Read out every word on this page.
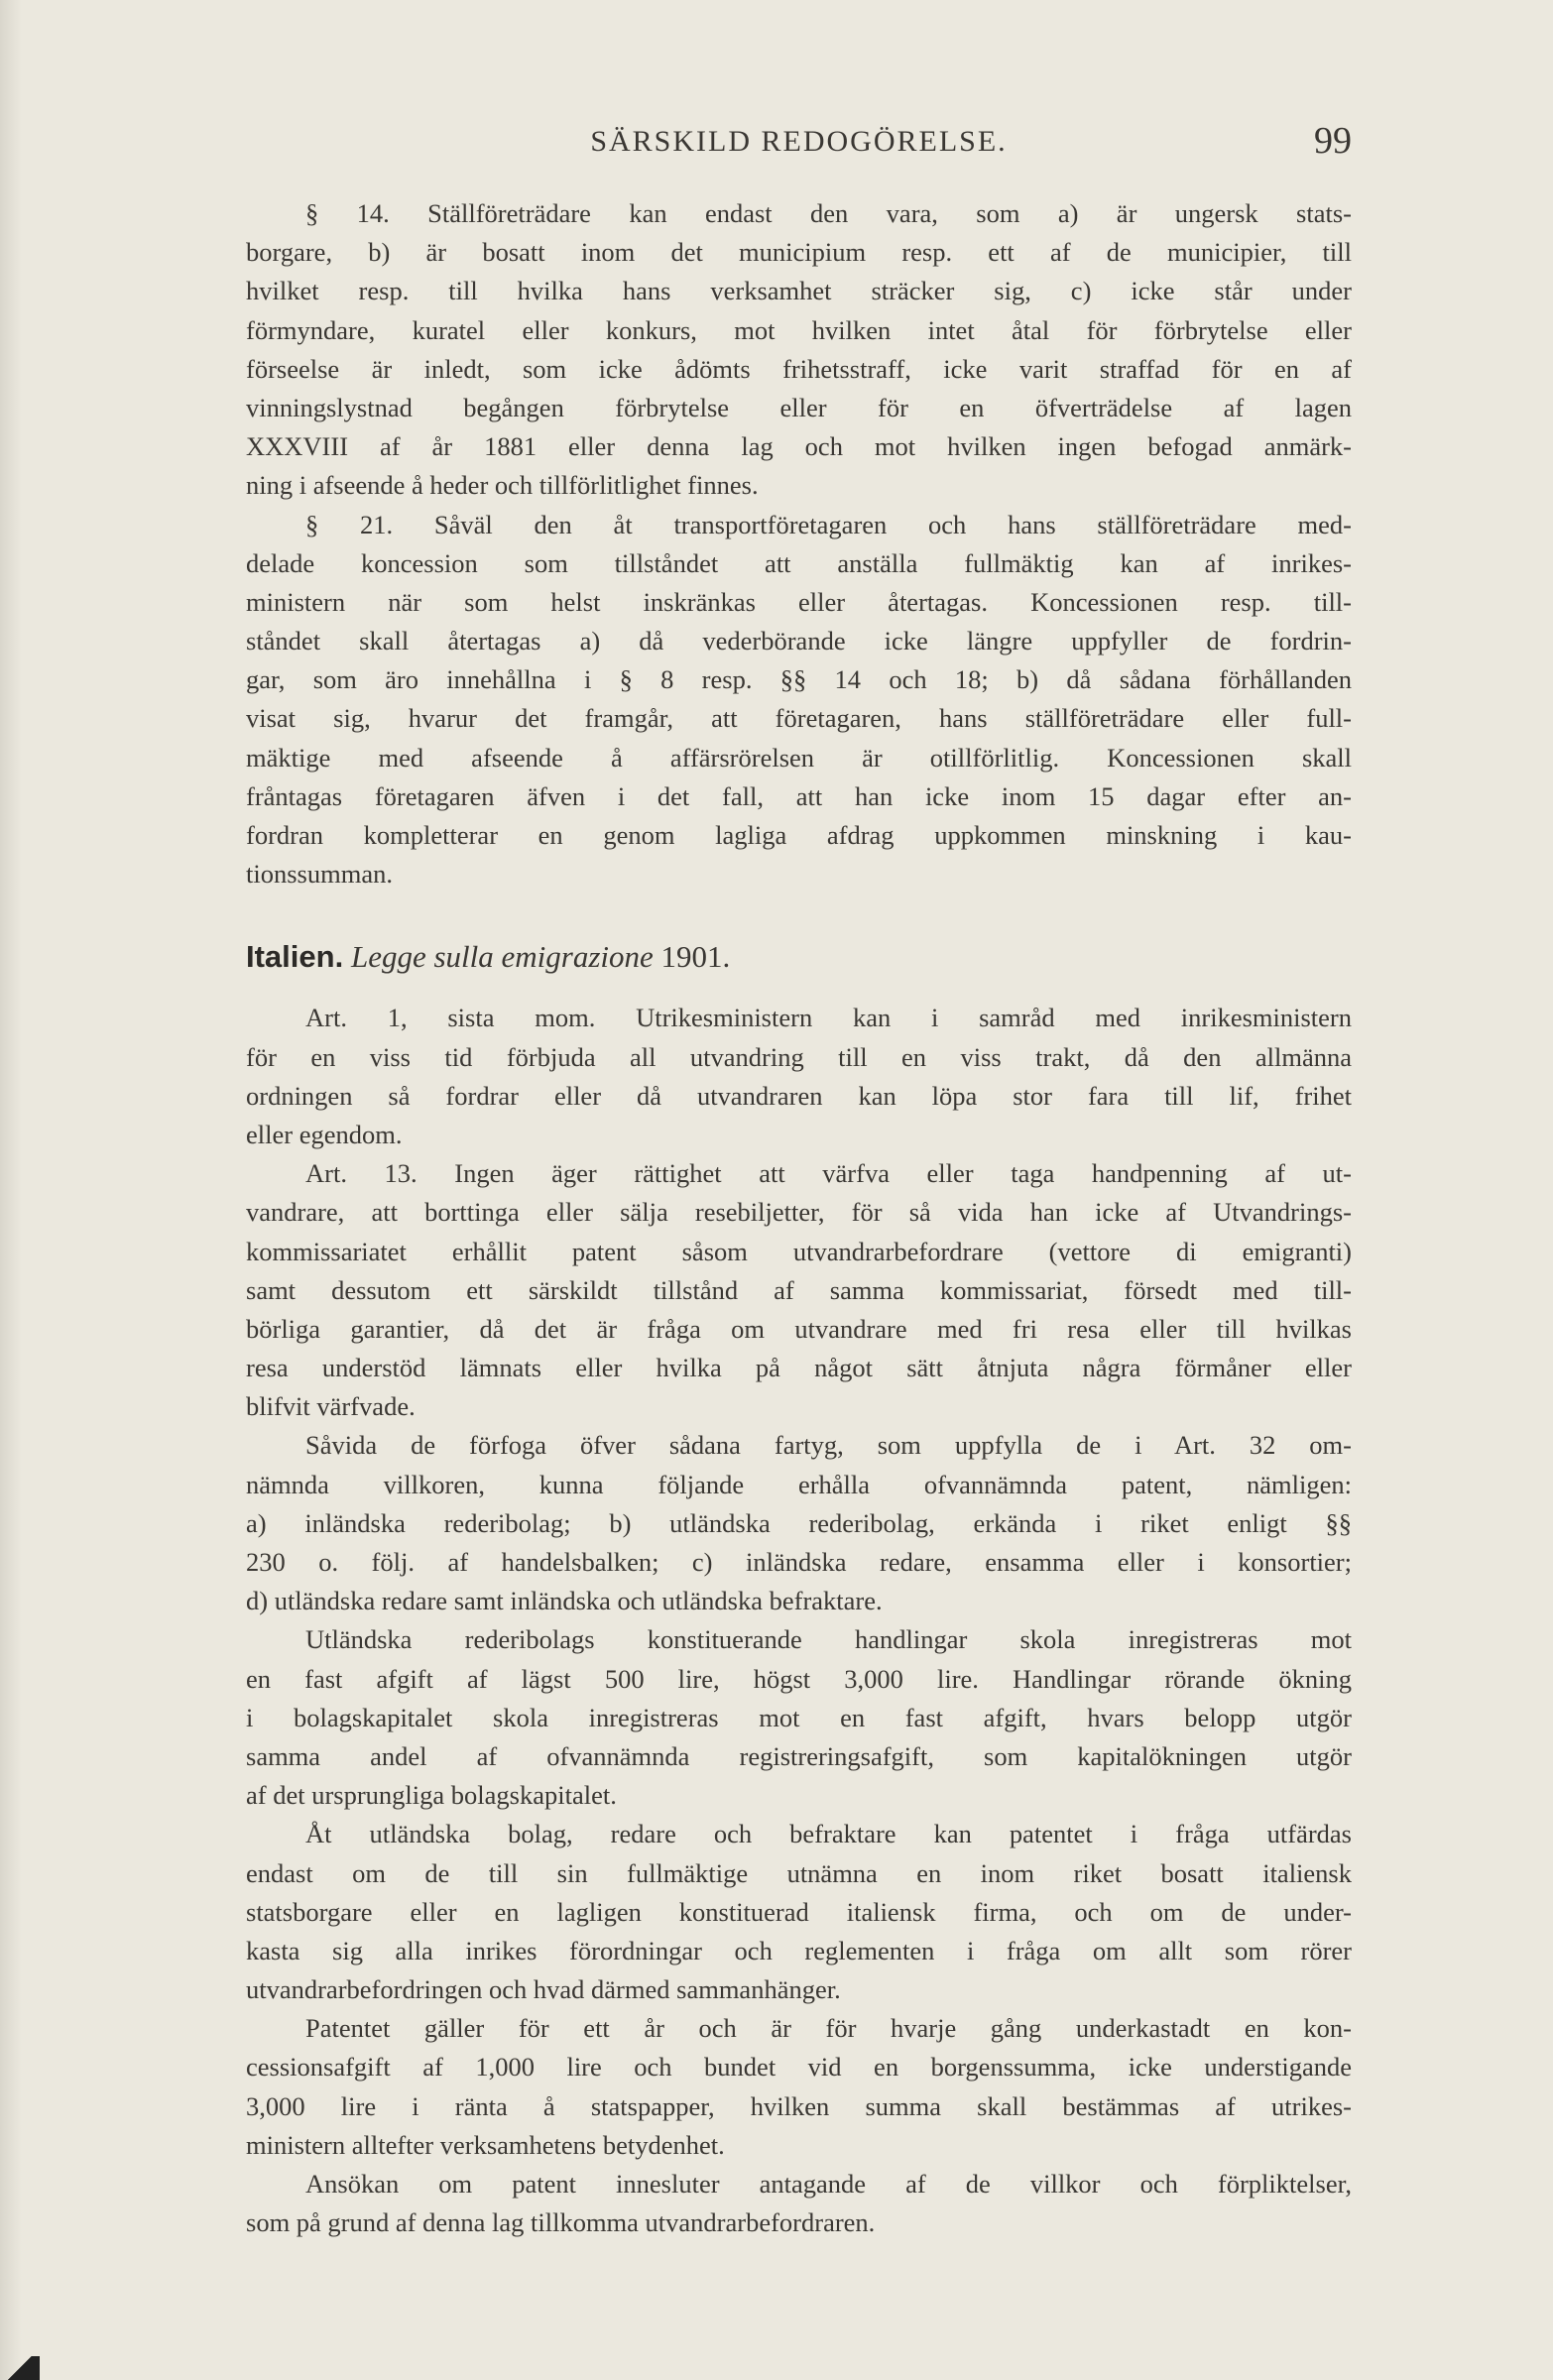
SÄRSKILD REDOGÖRELSE.	99
§ 14. Ställföreträdare kan endast den vara, som a) är ungersk stats-
borgare, b) är bosatt inom det municipium resp. ett af de municipier, till
hvilket resp. till hvilka hans verksamhet sträcker sig, c) icke står under
förmyndare, kuratel eller konkurs, mot hvilken intet åtal för förbrytelse eller
förseelse är inledt, som icke ådömts frihetsstraff, icke varit straffad för en af
vinningslystnad begången förbrytelse eller för en öfverträdelse af lagen
XXXVIII af år 1881 eller denna lag och mot hvilken ingen befogad anmärk-
ning i afseende å heder och tillförlitlighet finnes.
§ 21. Såväl den åt transportföretagaren och hans ställföreträdare med-
delade koncession som tillståndet att anställa fullmäktig kan af inrikes-
ministern när som helst inskränkas eller återtagas. Koncessionen resp. till-
ståndet skall återtagas a) då vederbörande icke längre uppfyller de fordrin-
gar, som äro innehållna i § 8 resp. §§ 14 och 18; b) då sådana förhållanden
visat sig, hvarur det framgår, att företagaren, hans ställföreträdare eller full-
mäktige med afseende å affärsrörelsen är otillförlitlig. Koncessionen skall
fråntagas företagaren äfven i det fall, att han icke inom 15 dagar efter an-
fordran kompletterar en genom lagliga afdrag uppkommen minskning i kau-
tionssumman.
Italien. Legge sulla emigrazione 1901.
Art. 1, sista mom. Utrikesministern kan i samråd med inrikesministern
för en viss tid förbjuda all utvandring till en viss trakt, då den allmänna
ordningen så fordrar eller då utvandraren kan löpa stor fara till lif, frihet
eller egendom.
Art. 13. Ingen äger rättighet att värfva eller taga handpenning af ut-
vandrare, att borttinga eller sälja resebiljetter, för så vida han icke af Utvandrings-
kommissariatet erhållit patent såsom utvandrarbefordrare (vettore di emigranti)
samt dessutom ett särskildt tillstånd af samma kommissariat, försedt med till-
börliga garantier, då det är fråga om utvandrare med fri resa eller till hvilkas
resa understöd lämnats eller hvilka på något sätt åtnjuta några förmåner eller
blifvit värfvade.
Såvida de förfoga öfver sådana fartyg, som uppfylla de i Art. 32 om-
nämnda villkoren, kunna följande erhålla ofvannämnda patent, nämligen:
a) inländska rederibolag; b) utländska rederibolag, erkända i riket enligt §§
230 o. följ. af handelsbalken; c) inländska redare, ensamma eller i konsortier;
d) utländska redare samt inländska och utländska befraktare.
Utländska rederibolags konstituerande handlingar skola inregistreras mot
en fast afgift af lägst 500 lire, högst 3,000 lire. Handlingar rörande ökning
i bolagskapitalet skola inregistreras mot en fast afgift, hvars belopp utgör
samma andel af ofvannämnda registreringsafgift, som kapitalökningen utgör
af det ursprungliga bolagskapitalet.
Åt utländska bolag, redare och befraktare kan patentet i fråga utfärdas
endast om de till sin fullmäktige utnämna en inom riket bosatt italiensk
statsborgare eller en lagligen konstituerad italiensk firma, och om de under-
kasta sig alla inrikes förordningar och reglementen i fråga om allt som rörer
utvandrarbefordringen och hvad därmed sammanhänger.
Patentet gäller för ett år och är för hvarje gång underkastadt en kon-
cessionsafgift af 1,000 lire och bundet vid en borgenssumma, icke understigande
3,000 lire i ränta å statspapper, hvilken summa skall bestämmas af utrikes-
ministern alltefter verksamhetens betydenhet.
Ansökan om patent innesluter antagande af de villkor och förpliktelser,
som på grund af denna lag tillkomma utvandrarbefordraren.
